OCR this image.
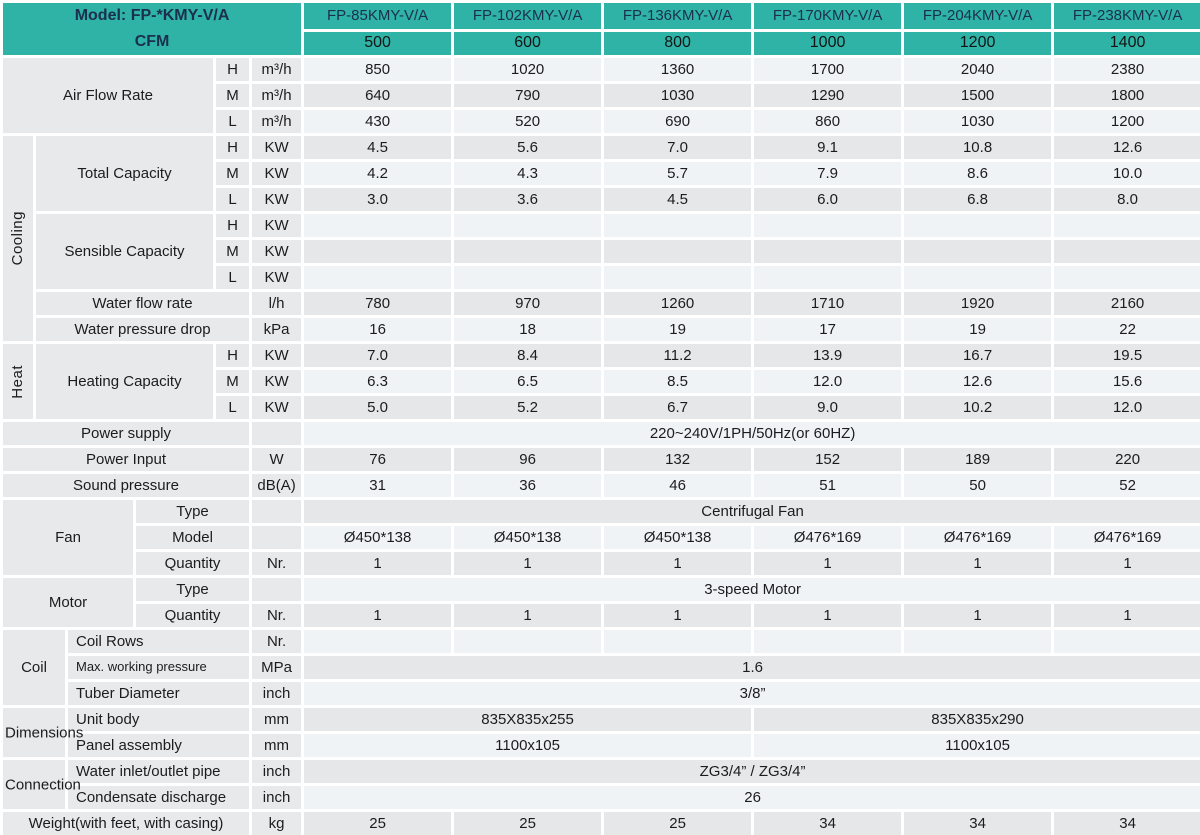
Model: FP-*KMY-V/A
CFM						FP-85KMY-V/A	FP-102KMY-V/A	FP-136KMY-V/A	FP-170KMY-V/A	FP-204KMY-V/A	FP-238KMY-V/A
						500	600	800	1000	1200	1400
Air Flow Rate				H	m³/h	850	1020	1360	1700	2040	2380
				M	m³/h	640	790	1030	1290	1500	1800
				L	m³/h	430	520	690	860	1030	1200

Cooling	Total Capacity			H	KW	4.5	5.6	7.0	9.1	10.8	12.6
				M	KW	4.2	4.3	5.7	7.9	8.6	10.0
				L	KW	3.0	3.6	4.5	6.0	6.8	8.0
	Sensible Capacity			H	KW						
				M	KW						
				L	KW						
	Water flow rate				l/h	780	970	1260	1710	1920	2160
	Water pressure drop				kPa	16	18	19	17	19	22

Heat	Heating Capacity			H	KW	7.0	8.4	11.2	13.9	16.7	19.5
				M	KW	6.3	6.5	8.5	12.0	12.6	15.6
				L	KW	5.0	5.2	6.7	9.0	10.2	12.0
Power supply						220~240V/1PH/50Hz(or 60HZ)					
Power Input					W	76	96	132	152	189	220
Sound pressure					dB(A)	31	36	46	51	50	52
Fan			Type			Centrifugal Fan					
			Model			Ø450*138	Ø450*138	Ø450*138	Ø476*169	Ø476*169	Ø476*169
			Quantity		Nr.	1	1	1	1	1	1
Motor			Type			3-speed Motor					
			Quantity		Nr.	1	1	1	1	1	1
Coil		Coil Rows			Nr.						
		Max. working pressure			MPa	1.6					
		Tuber Diameter			inch	3/8”					

Dimensions		Unit body			mm	835X835x255			835X835x290		
		Panel assembly			mm	1100x105			1100x105		

Connection		Water inlet/outlet pipe			inch	ZG3/4” / ZG3/4”					
		Condensate discharge			inch	26					
Weight(with feet, with casing)					kg	25	25	25	34	34	34
